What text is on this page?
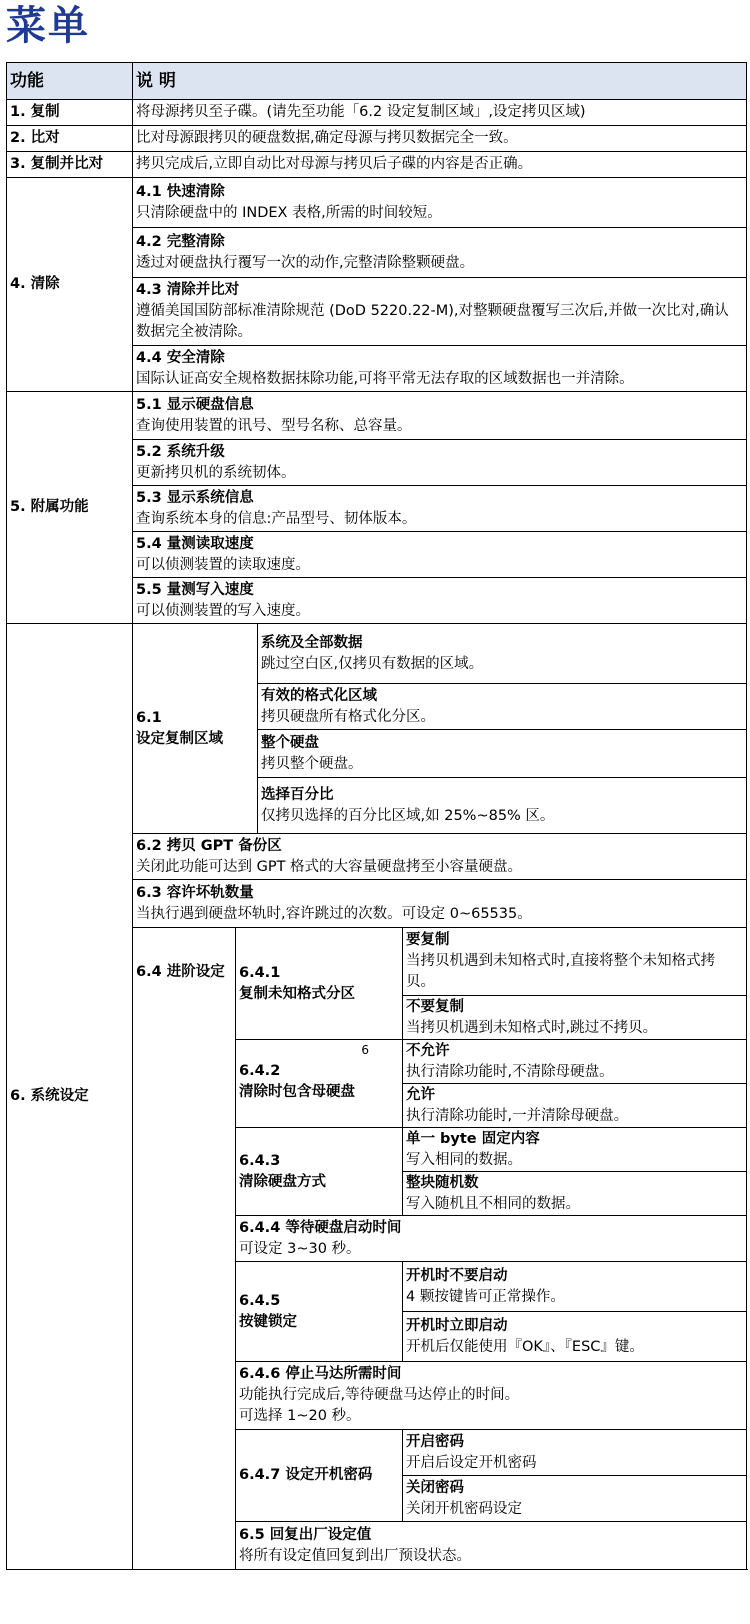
菜单
功能	说 明			
1. 复制	将母源拷贝至子碟。(请先至功能「6.2 设定复制区域」,设定拷贝区域)			
2. 比对	比对母源跟拷贝的硬盘数据,确定母源与拷贝数据完全一致。			
3. 复制并比对	拷贝完成后,立即自动比对母源与拷贝后子碟的内容是否正确。			
4. 清除	4.1 快速清除
只清除硬盘中的 INDEX 表格,所需的时间较短。			

	4.2 完整清除
透过对硬盘执行覆写一次的动作,完整清除整颗硬盘。			

	4.3 清除并比对
遵循美国国防部标准清除规范 (DoD 5220.22-M),对整颗硬盘覆写三次后,并做一次比对,确认数据完全被清除。			

	4.4 安全清除
国际认证高安全规格数据抹除功能,可将平常无法存取的区域数据也一并清除。			

5. 附属功能	5.1 显示硬盘信息
查询使用装置的讯号、型号名称、总容量。			

	5.2 系统升级
更新拷贝机的系统韧体。			

	5.3 显示系统信息
查询系统本身的信息:产品型号、韧体版本。			

	5.4 量测读取速度
可以侦测装置的读取速度。			

	5.5 量测写入速度
可以侦测装置的写入速度。			

6. 系统设定	6.1
设定复制区域		系统及全部数据
跳过空白区,仅拷贝有数据的区域。	

			有效的格式化区域
拷贝硬盘所有格式化分区。	

			整个硬盘
拷贝整个硬盘。	

			选择百分比
仅拷贝选择的百分比区域,如 25%~85% 区。	

	6.2 拷贝 GPT 备份区
关闭此功能可达到 GPT 格式的大容量硬盘拷至小容量硬盘。			

	6.3 容许坏轨数量
当执行遇到硬盘坏轨时,容许跳过的次数。可设定 0~65535。			

	6.4 进阶设定	6.4.1
复制未知格式分区		要复制
当拷贝机遇到未知格式时,直接将整个未知格式拷贝。

				不要复制
当拷贝机遇到未知格式时,跳过不拷贝。

		6
6.4.2
清除时包含母硬盘		不允许
执行清除功能时,不清除母硬盘。

				允许
执行清除功能时,一并清除母硬盘。

		6.4.3
清除硬盘方式		单一 byte 固定内容
写入相同的数据。

				整块随机数
写入随机且不相同的数据。

		6.4.4 等待硬盘启动时间
可设定 3~30 秒。		

		6.4.5
按键锁定		开机时不要启动
4 颗按键皆可正常操作。

				开机时立即启动
开机后仅能使用『OK』、『ESC』键。

		6.4.6 停止马达所需时间
功能执行完成后,等待硬盘马达停止的时间。
可选择 1~20 秒。		

		6.4.7 设定开机密码		开启密码
开启后设定开机密码

				关闭密码
关闭开机密码设定

		6.5 回复出厂设定值
将所有设定值回复到出厂预设状态。		
